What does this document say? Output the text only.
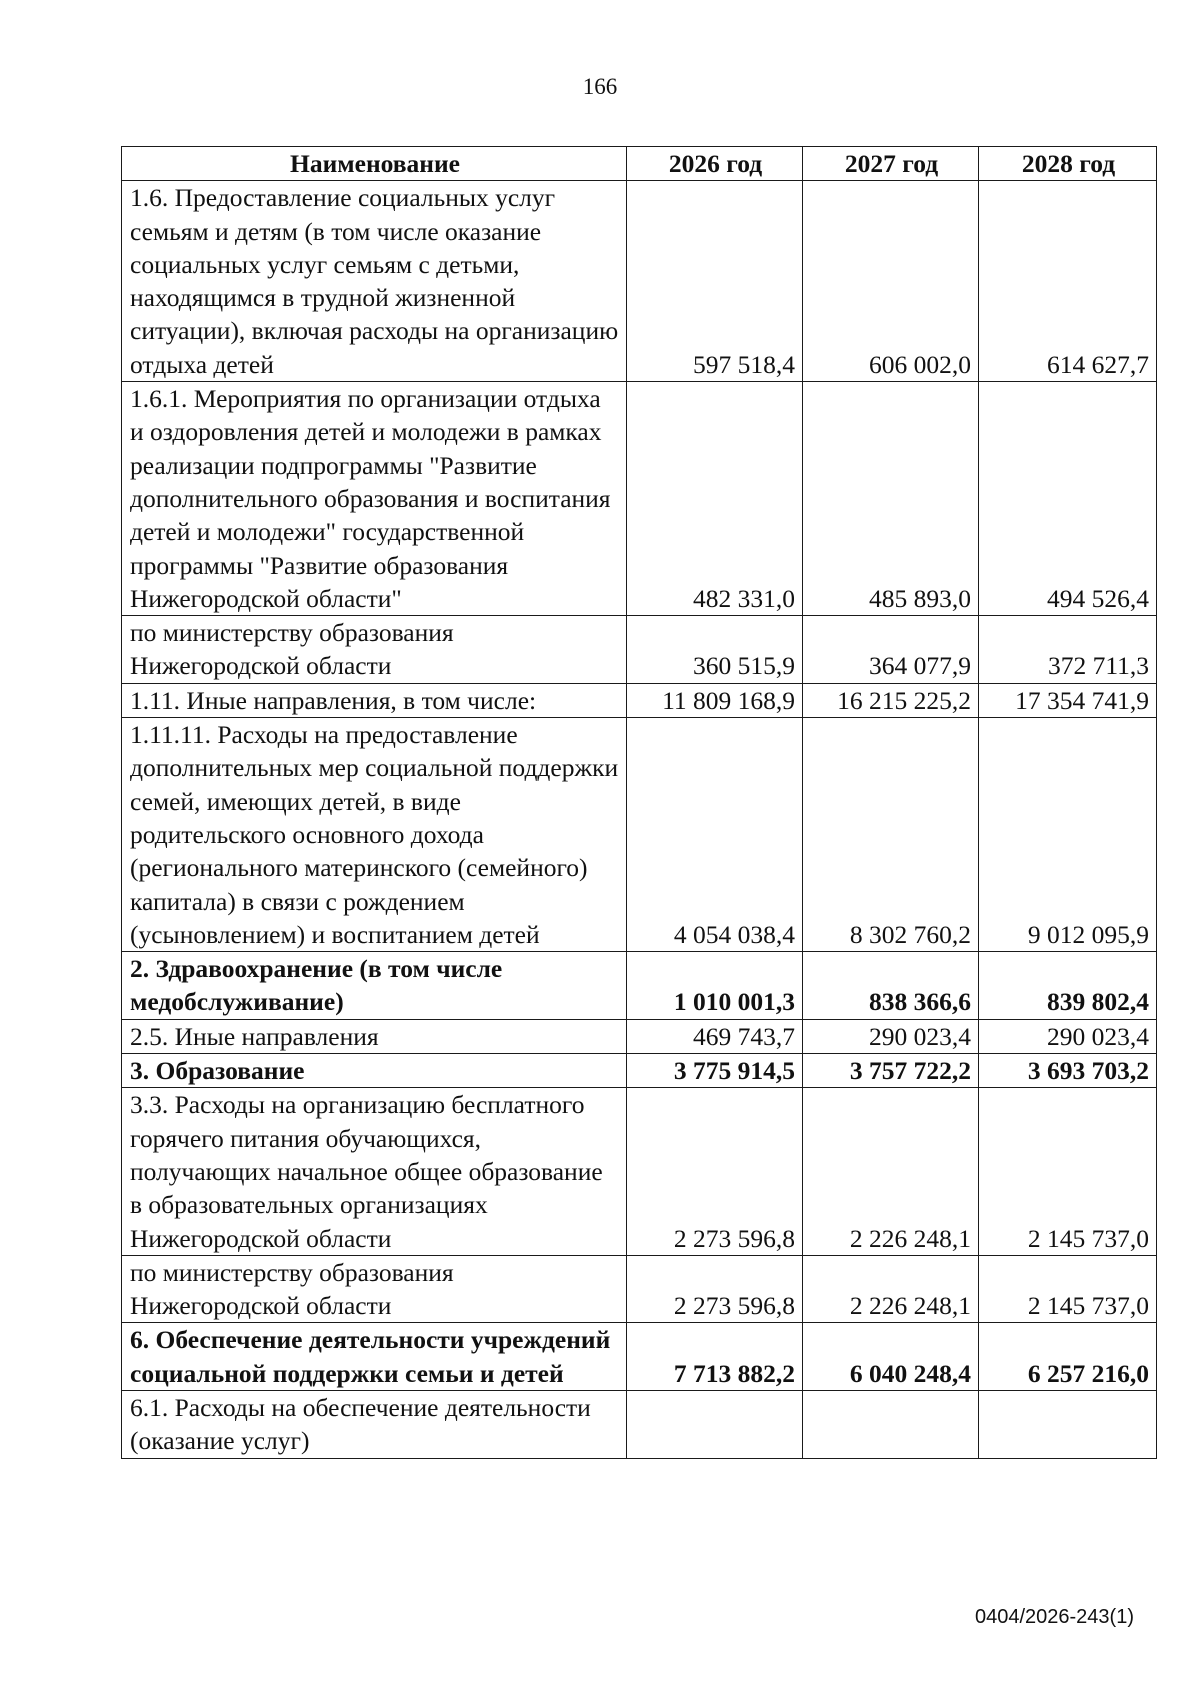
166
Наименование	2026 год	2027 год	2028 год
1.6. Предоставление социальных услуг семьям и детям (в том числе оказание социальных услуг семьям с детьми, находящимся в трудной жизненной ситуации), включая расходы на организацию отдыха детей	597 518,4	606 002,0	614 627,7
1.6.1. Мероприятия по организации отдыха и оздоровления детей и молодежи в рамках реализации подпрограммы "Развитие дополнительного образования и воспитания детей и молодежи" государственной программы "Развитие образования Нижегородской области"	482 331,0	485 893,0	494 526,4
по министерству образования Нижегородской области	360 515,9	364 077,9	372 711,3
1.11. Иные направления, в том числе:	11 809 168,9	16 215 225,2	17 354 741,9
1.11.11. Расходы на предоставление дополнительных мер социальной поддержки семей, имеющих детей, в виде родительского основного дохода (регионального материнского (семейного) капитала) в связи с рождением (усыновлением) и воспитанием детей	4 054 038,4	8 302 760,2	9 012 095,9
2. Здравоохранение (в том числе медобслуживание)	1 010 001,3	838 366,6	839 802,4
2.5. Иные направления	469 743,7	290 023,4	290 023,4
3. Образование	3 775 914,5	3 757 722,2	3 693 703,2
3.3. Расходы на организацию бесплатного горячего питания обучающихся, получающих начальное общее образование в образовательных организациях Нижегородской области	2 273 596,8	2 226 248,1	2 145 737,0
по министерству образования Нижегородской области	2 273 596,8	2 226 248,1	2 145 737,0
6. Обеспечение деятельности учреждений социальной поддержки семьи и детей	7 713 882,2	6 040 248,4	6 257 216,0
6.1. Расходы на обеспечение деятельности (оказание услуг)			
0404/2026-243(1)
